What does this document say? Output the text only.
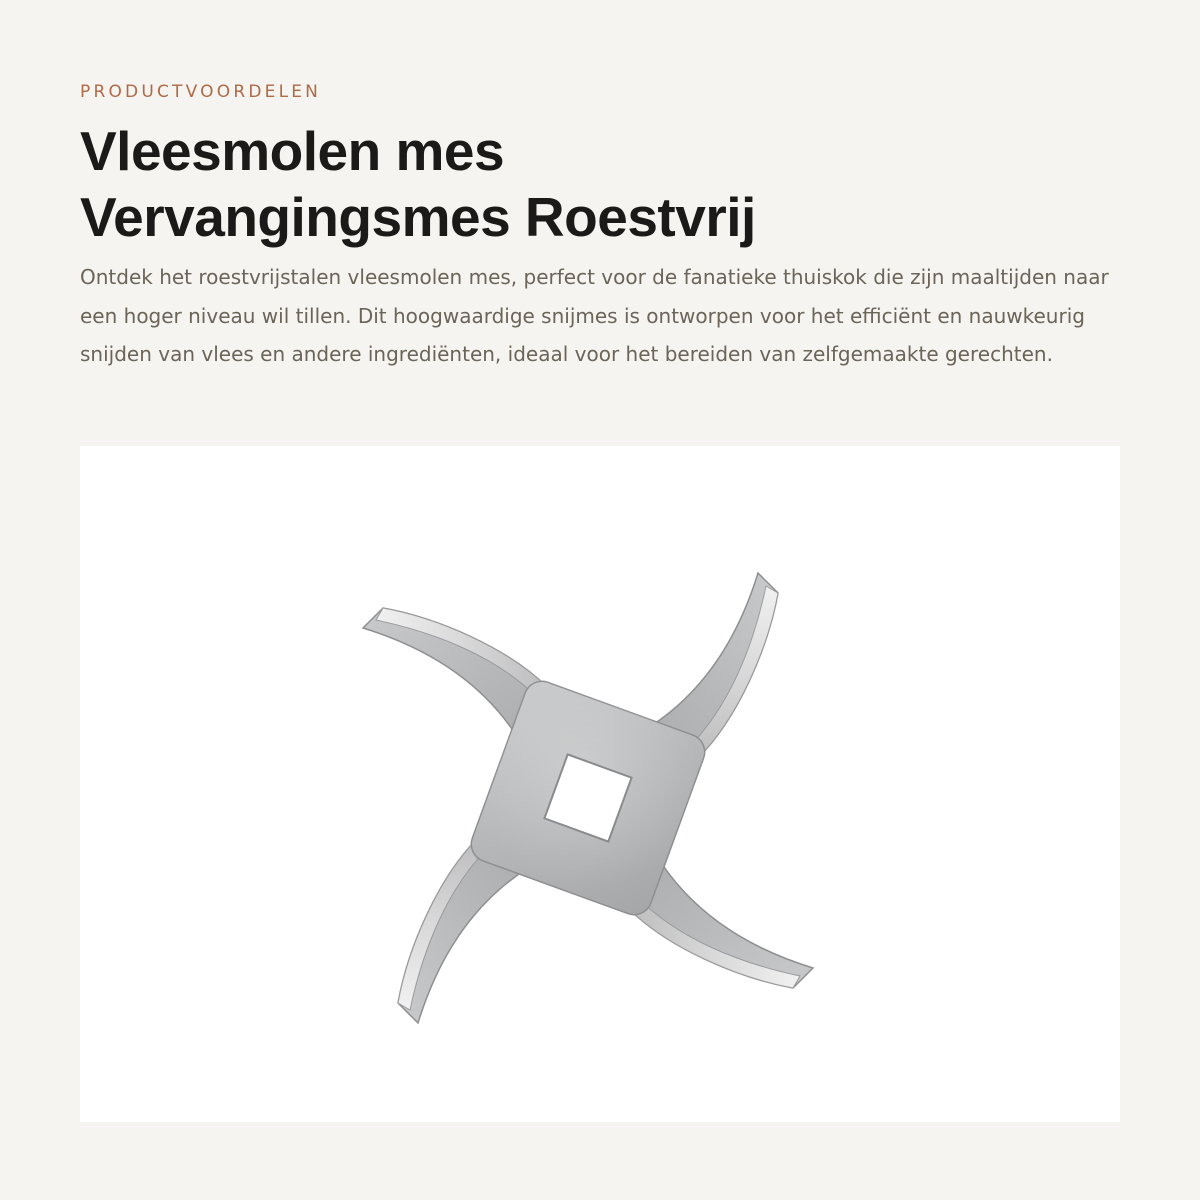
PRODUCTVOORDELEN

Vleesmolen mes
Vervangingsmes Roestvrij

Ontdek het roestvrijstalen vleesmolen mes, perfect voor de fanatieke thuiskok die zijn maaltijden naar een hoger niveau wil tillen. Dit hoogwaardige snijmes is ontworpen voor het efficiënt en nauwkeurig snijden van vlees en andere ingrediënten, ideaal voor het bereiden van zelfgemaakte gerechten.
